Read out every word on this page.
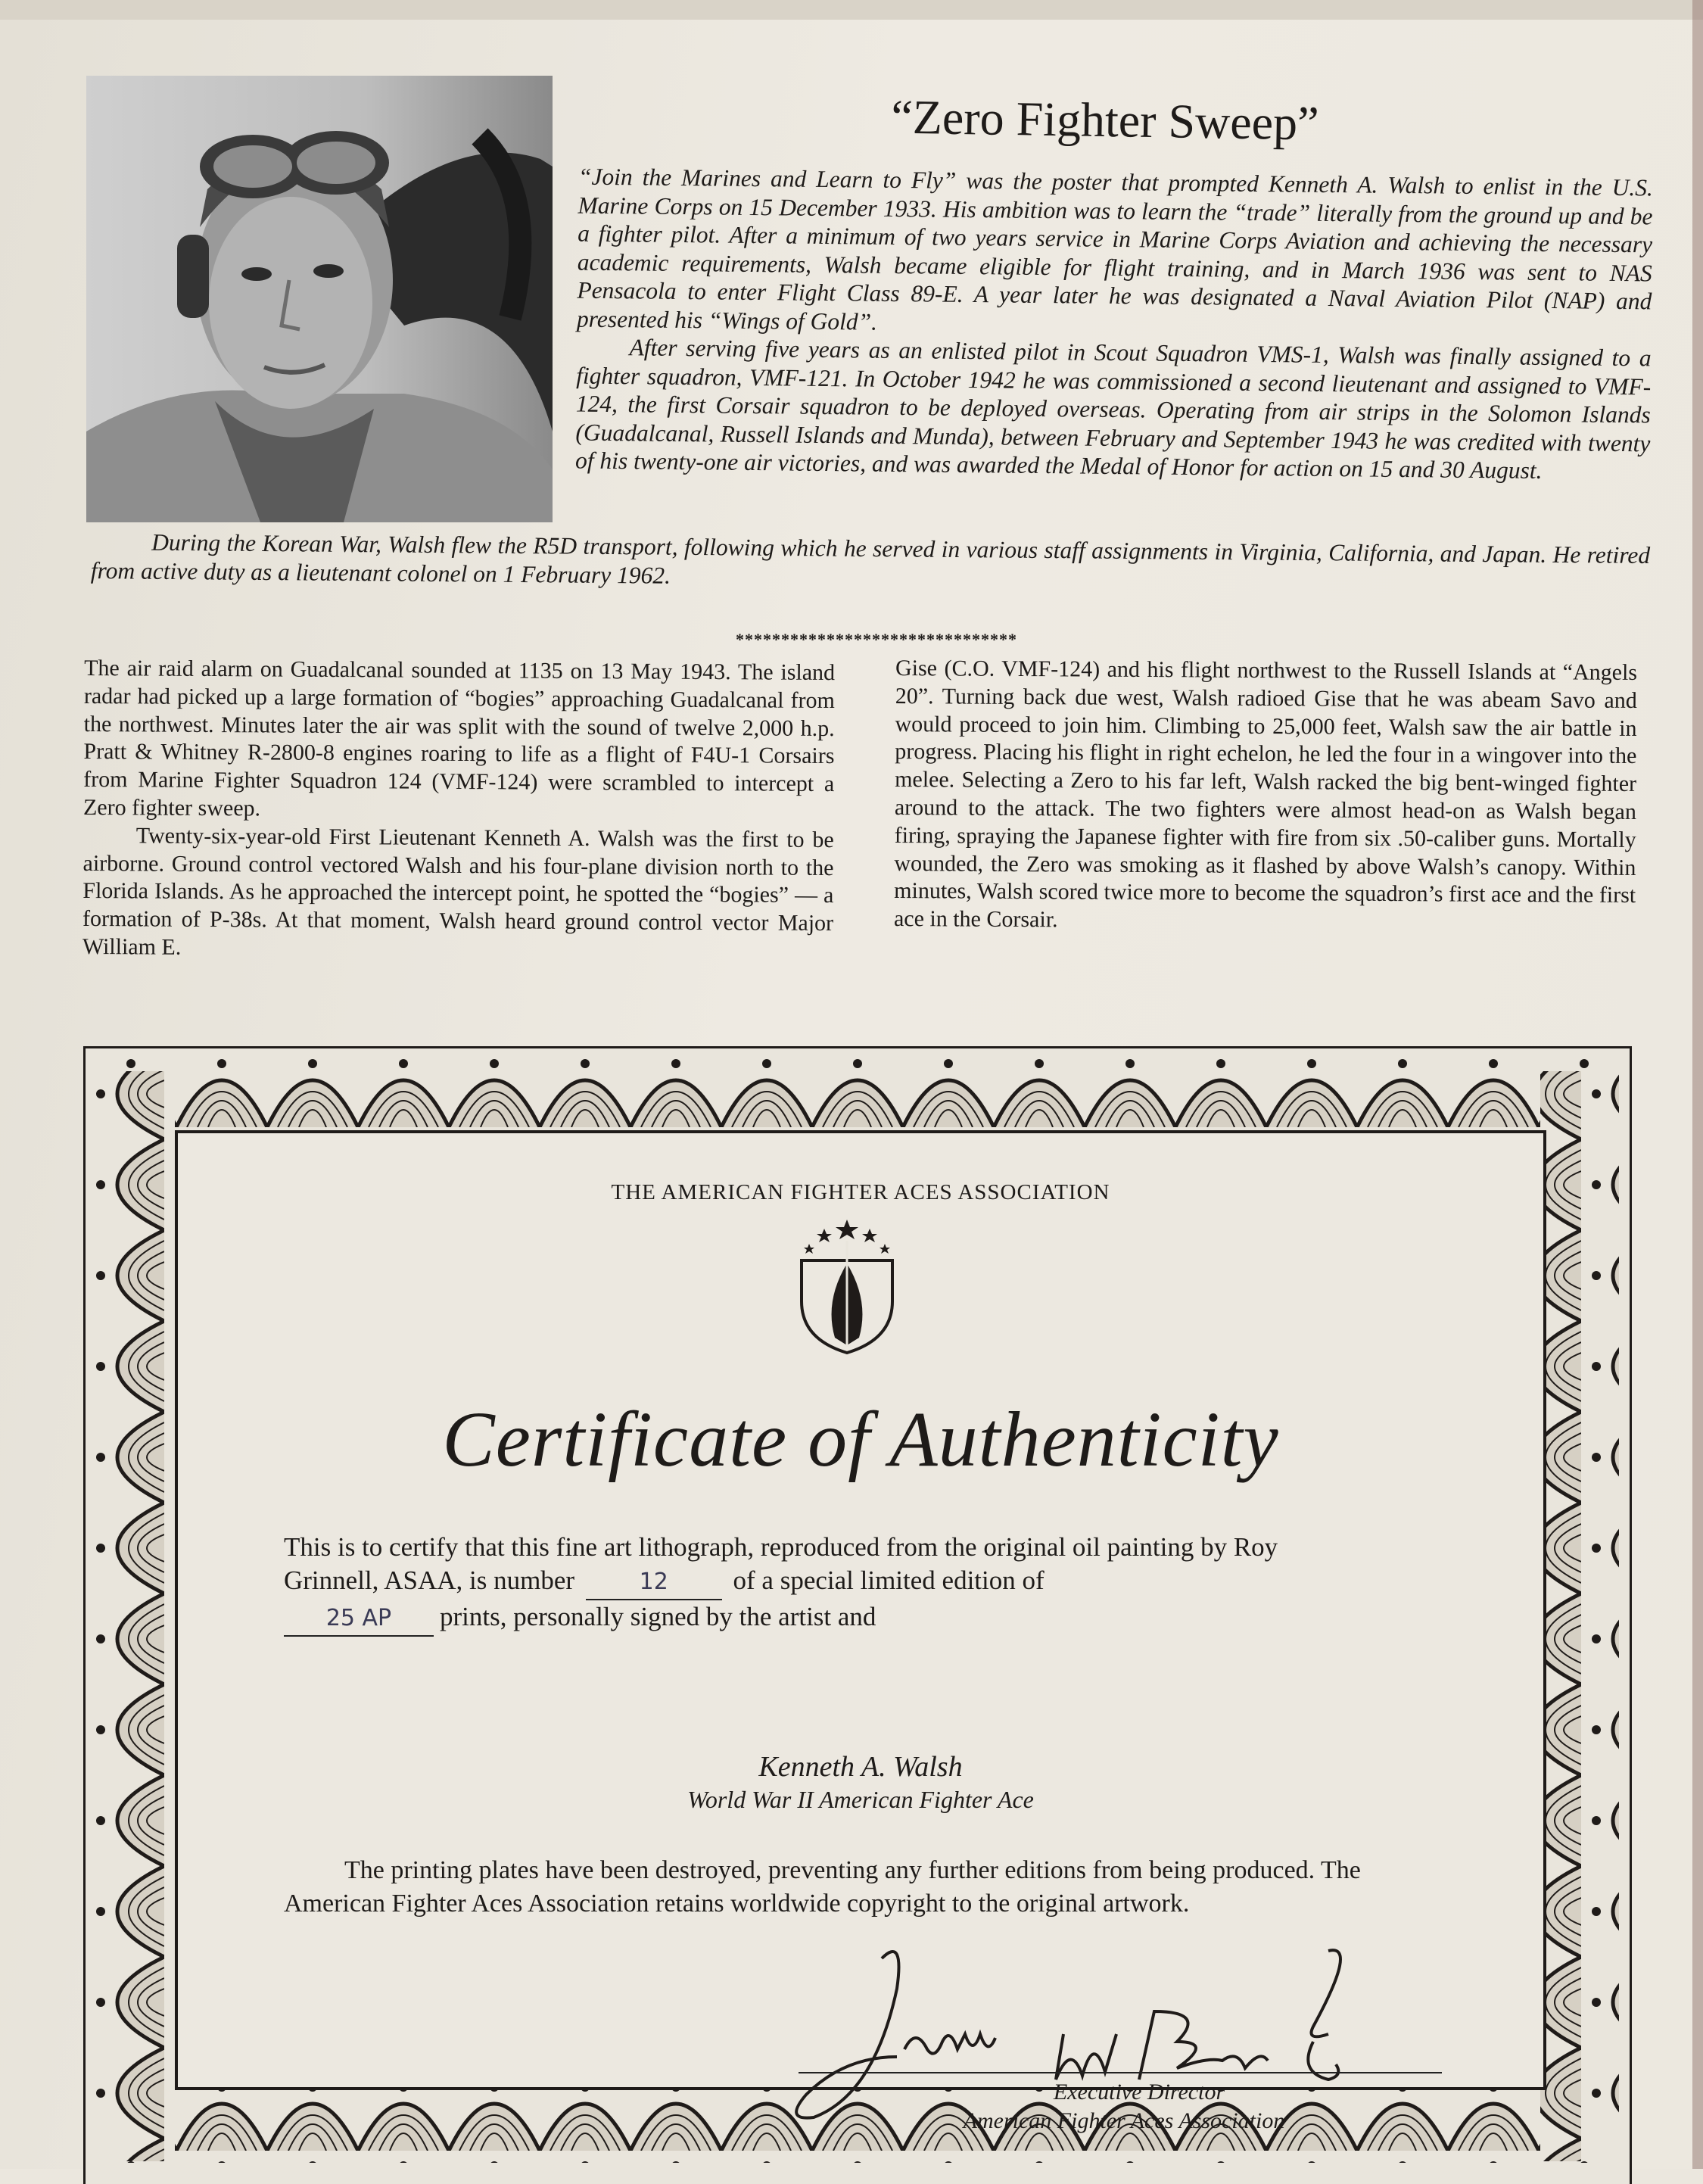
“Zero Fighter Sweep”

“Join the Marines and Learn to Fly” was the poster that prompted Kenneth A. Walsh to enlist in the U.S. Marine Corps on 15 December 1933. His ambition was to learn the “trade” literally from the ground up and be a fighter pilot. After a minimum of two years service in Marine Corps Aviation and achieving the necessary academic requirements, Walsh became eligible for flight training, and in March 1936 was sent to NAS Pensacola to enter Flight Class 89-E. A year later he was designated a Naval Aviation Pilot (NAP) and presented his “Wings of Gold”.

After serving five years as an enlisted pilot in Scout Squadron VMS-1, Walsh was finally assigned to a fighter squadron, VMF-121. In October 1942 he was commissioned a second lieutenant and assigned to VMF-124, the first Corsair squadron to be deployed overseas. Operating from air strips in the Solomon Islands (Guadalcanal, Russell Islands and Munda), between February and September 1943 he was credited with twenty of his twenty-one air victories, and was awarded the Medal of Honor for action on 15 and 30 August.

During the Korean War, Walsh flew the R5D transport, following which he served in various staff assignments in Virginia, California, and Japan. He retired from active duty as a lieutenant colonel on 1 February 1962.

*******************************

The air raid alarm on Guadalcanal sounded at 1135 on 13 May 1943. The island radar had picked up a large formation of “bogies” approaching Guadalcanal from the northwest. Minutes later the air was split with the sound of twelve 2,000 h.p. Pratt & Whitney R-2800-8 engines roaring to life as a flight of F4U-1 Corsairs from Marine Fighter Squadron 124 (VMF-124) were scrambled to intercept a Zero fighter sweep.

Twenty-six-year-old First Lieutenant Kenneth A. Walsh was the first to be airborne. Ground control vectored Walsh and his four-plane division north to the Florida Islands. As he approached the intercept point, he spotted the “bogies” — a formation of P-38s. At that moment, Walsh heard ground control vector Major William E.

Gise (C.O. VMF-124) and his flight northwest to the Russell Islands at “Angels 20”. Turning back due west, Walsh radioed Gise that he was abeam Savo and would proceed to join him. Climbing to 25,000 feet, Walsh saw the air battle in progress. Placing his flight in right echelon, he led the four in a wingover into the melee. Selecting a Zero to his far left, Walsh racked the big bent-winged fighter around to the attack. The two fighters were almost head-on as Walsh began firing, spraying the Japanese fighter with fire from six .50-caliber guns. Mortally wounded, the Zero was smoking as it flashed by above Walsh’s canopy. Within minutes, Walsh scored twice more to become the squadron’s first ace and the first ace in the Corsair.

THE AMERICAN FIGHTER ACES ASSOCIATION

Certificate of Authenticity

This is to certify that this fine art lithograph, reproduced from the original oil painting by Roy Grinnell, ASAA, is number	12 of a special limited edition of
25 AP prints, personally signed by the artist and

Kenneth A. Walsh

World War II American Fighter Ace

The printing plates have been destroyed, preventing any further editions from being produced. The American Fighter Aces Association retains worldwide copyright to the original artwork.

Executive Director

American Fighter Aces Association
